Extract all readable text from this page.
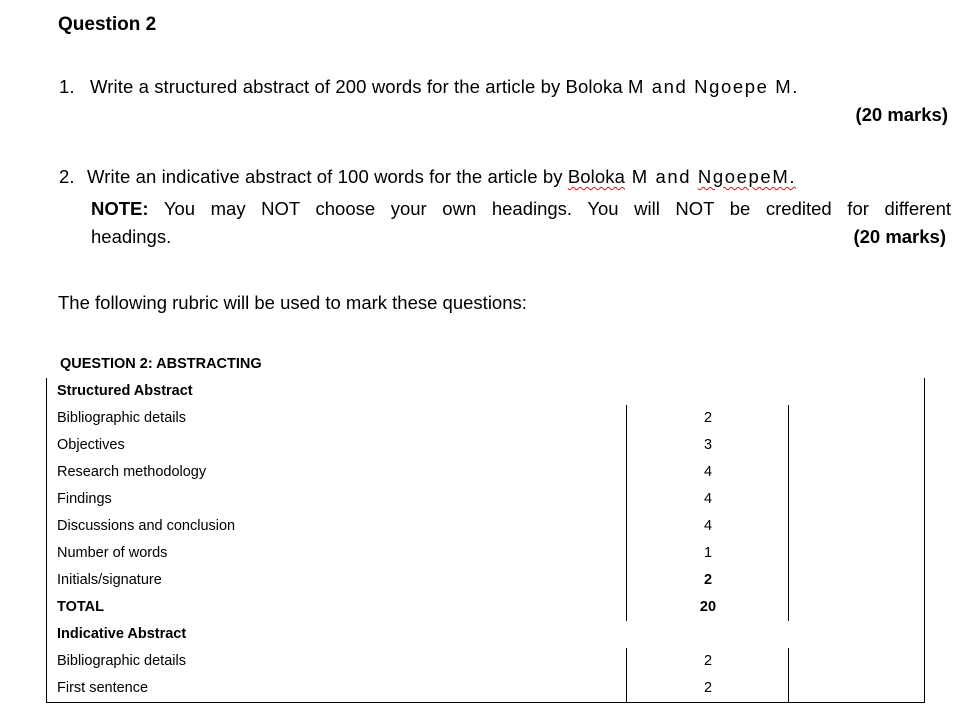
Question 2
1. Write a structured abstract of 200 words for the article by Boloka M and Ngoepe M.
(20 marks)
2. Write an indicative abstract of 100 words for the article by Boloka M and NgoepeM.
NOTE: You may NOT choose your own headings. You will NOT be credited for different
headings.	(20 marks)
The following rubric will be used to mark these questions:
QUESTION 2: ABSTRACTING
Structured Abstract
Bibliographic details	2
Objectives	3
Research methodology	4
Findings	4
Discussions and conclusion	4
Number of words	1
Initials/signature	2
TOTAL	20
Indicative Abstract
Bibliographic details	2
First sentence	2
